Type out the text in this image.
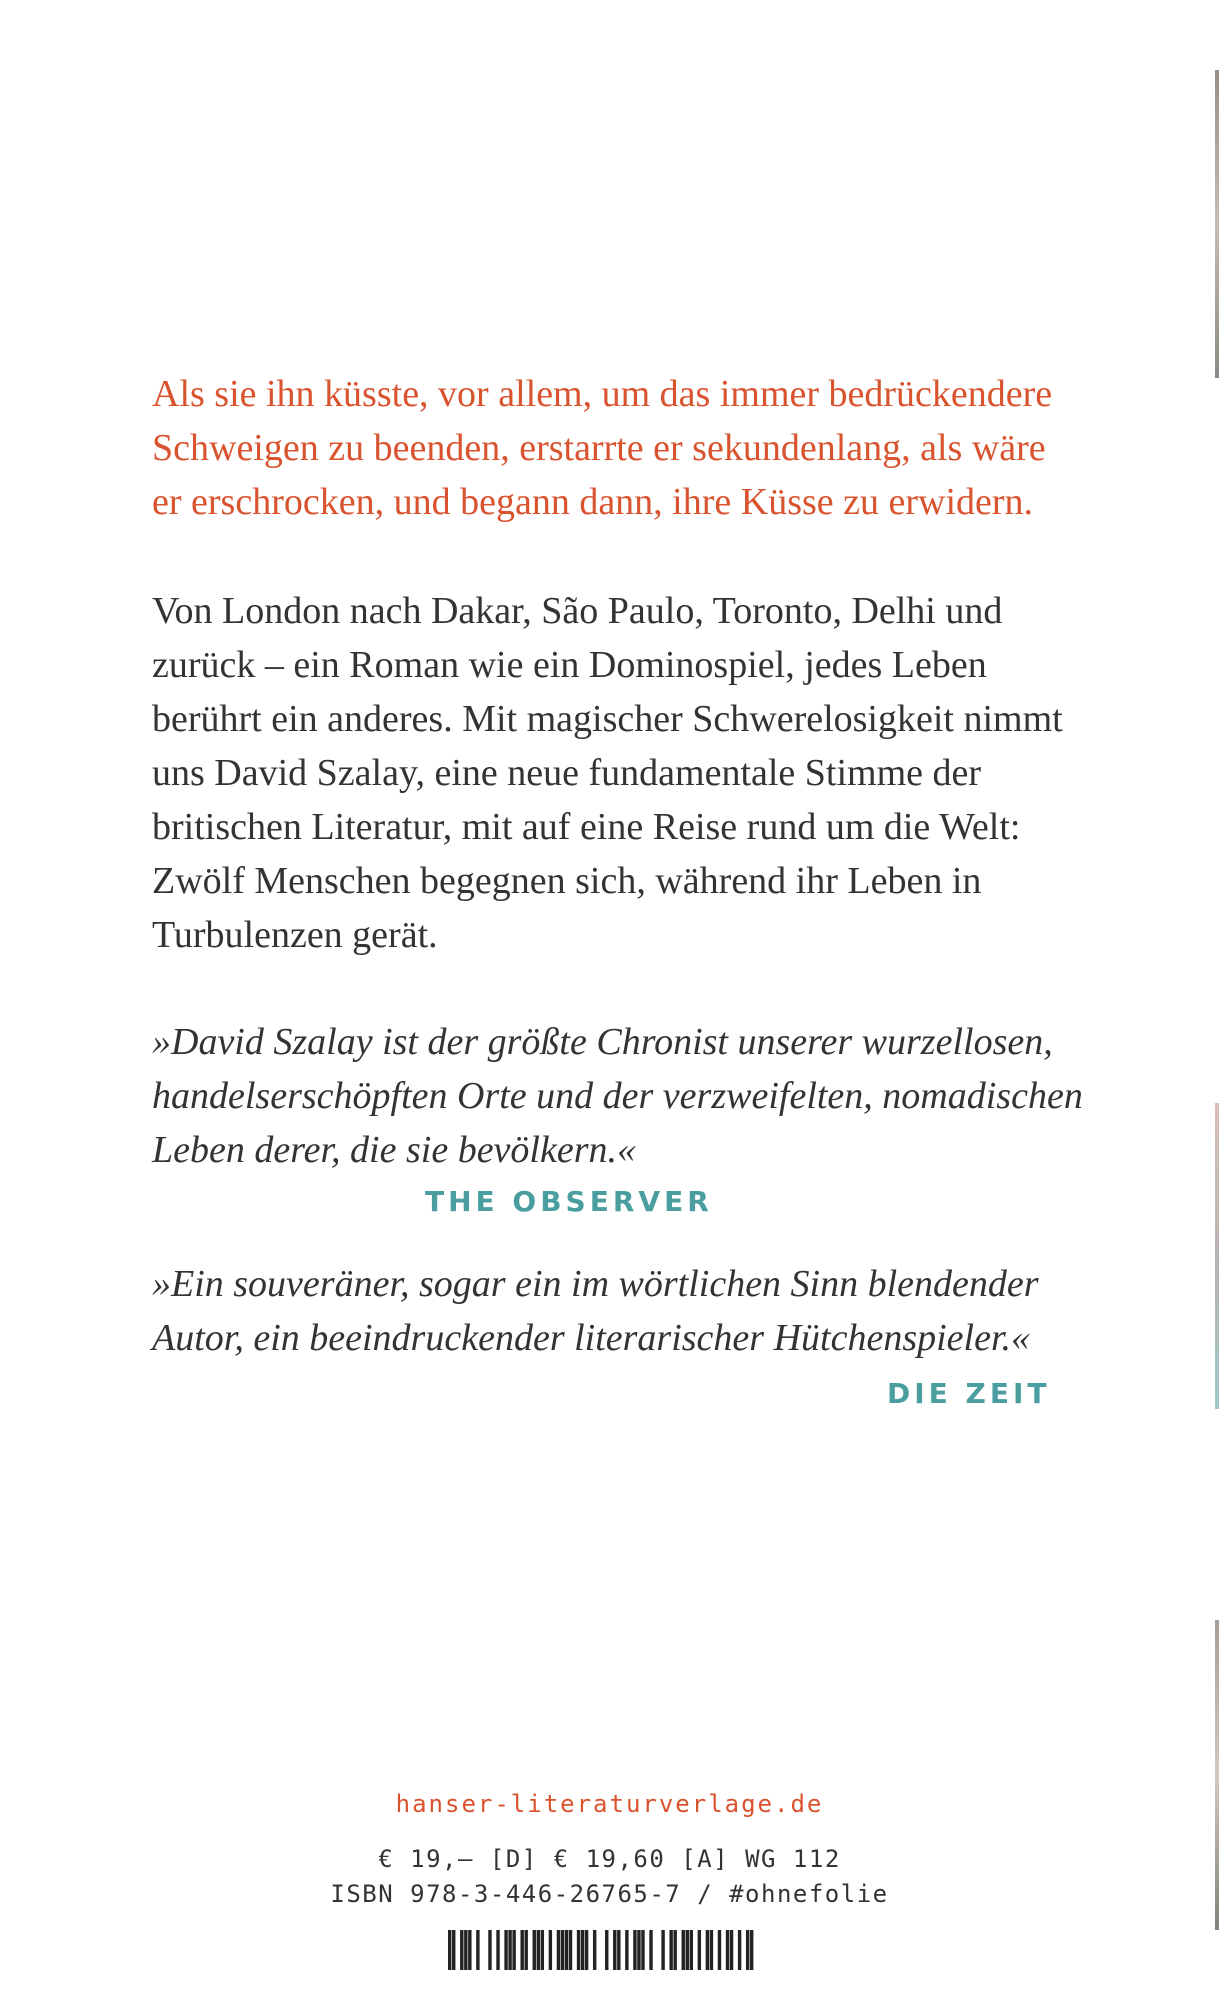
Als sie ihn küsste, vor allem, um das immer bedrückendere
Schweigen zu beenden, erstarrte er sekundenlang, als wäre
er erschrocken, und begann dann, ihre Küsse zu erwidern.
Von London nach Dakar, São Paulo, Toronto, Delhi und
zurück – ein Roman wie ein Dominospiel, jedes Leben
berührt ein anderes. Mit magischer Schwerelosigkeit nimmt
uns David Szalay, eine neue fundamentale Stimme der
britischen Literatur, mit auf eine Reise rund um die Welt:
Zwölf Menschen begegnen sich, während ihr Leben in
Turbulenzen gerät.
»David Szalay ist der größte Chronist unserer wurzellosen,
handelserschöpften Orte und der verzweifelten, nomadischen
Leben derer, die sie bevölkern.«
THE OBSERVER
»Ein souveräner, sogar ein im wörtlichen Sinn blendender
Autor, ein beeindruckender literarischer Hütchenspieler.«
DIE ZEIT
hanser-literaturverlage.de
€ 19,– [D] € 19,60 [A] WG 112
ISBN 978-3-446-26765-7 / #ohnefolie
